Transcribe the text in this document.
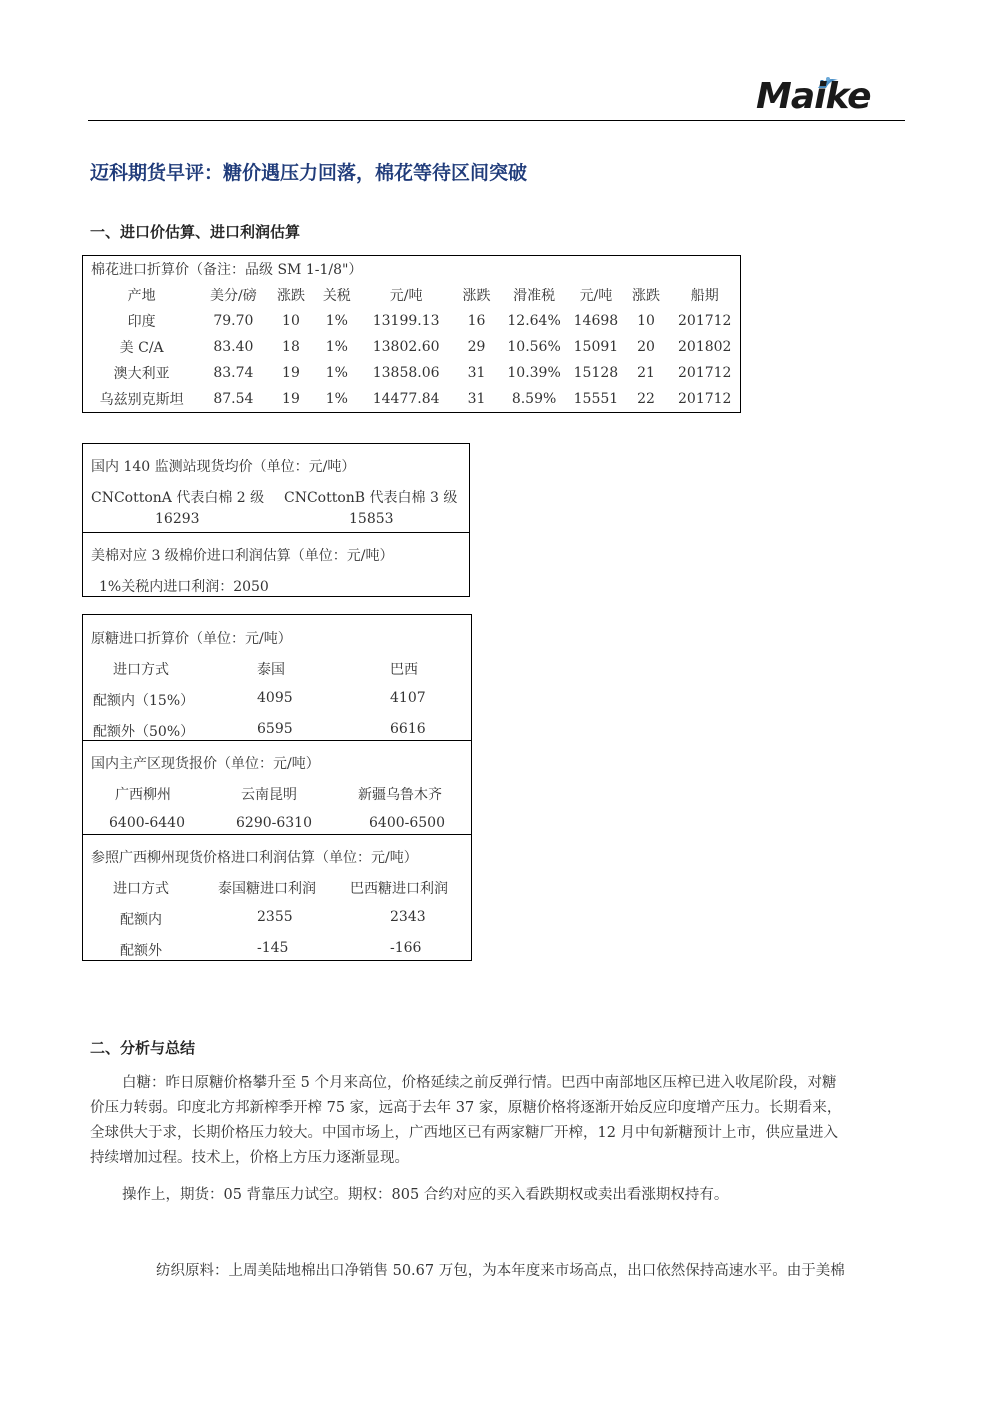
Maike
迈科期货早评：糖价遇压力回落，棉花等待区间突破
一、进口价估算、进口利润估算
棉花进口折算价（备注：品级 SM 1-1/8"）									
产地	美分/磅	涨跌	关税	元/吨	涨跌	滑准税	元/吨	涨跌	船期
印度	79.70	10	1%	13199.13	16	12.64%	14698	10	201712
美 C/A	83.40	18	1%	13802.60	29	10.56%	15091	20	201802
澳大利亚	83.74	19	1%	13858.06	31	10.39%	15128	21	201712
乌兹别克斯坦	87.54	19	1%	14477.84	31	8.59%	15551	22	201712
国内 140 监测站现货均价（单位：元/吨）
CNCottonA 代表白棉 2 级 CNCottonB 代表白棉 3 级
16293	15853
美棉对应 3 级棉价进口利润估算（单位：元/吨）
1%关税内进口利润：2050
原糖进口折算价（单位：元/吨）
进口方式	泰国	巴西
配额内（15%）	4095	4107
配额外（50%）	6595	6616
国内主产区现货报价（单位：元/吨）
广西柳州	云南昆明	新疆乌鲁木齐
6400-6440	6290-6310	6400-6500
参照广西柳州现货价格进口利润估算（单位：元/吨）
进口方式	泰国糖进口利润 巴西糖进口利润
配额内	2355	2343
配额外	-145	-166
二、分析与总结

白糖：昨日原糖价格攀升至 5 个月来高位，价格延续之前反弹行情。巴西中南部地区压榨已进入收尾阶段，对糖

价压力转弱。印度北方邦新榨季开榨 75 家，远高于去年 37 家，原糖价格将逐渐开始反应印度增产压力。长期看来，

全球供大于求，长期价格压力较大。中国市场上，广西地区已有两家糖厂开榨，12 月中旬新糖预计上市，供应量进入

持续增加过程。技术上，价格上方压力逐渐显现。

操作上，期货：05 背靠压力试空。期权：805 合约对应的买入看跌期权或卖出看涨期权持有。

纺织原料：上周美陆地棉出口净销售 50.67 万包，为本年度来市场高点，出口依然保持高速水平。由于美棉
